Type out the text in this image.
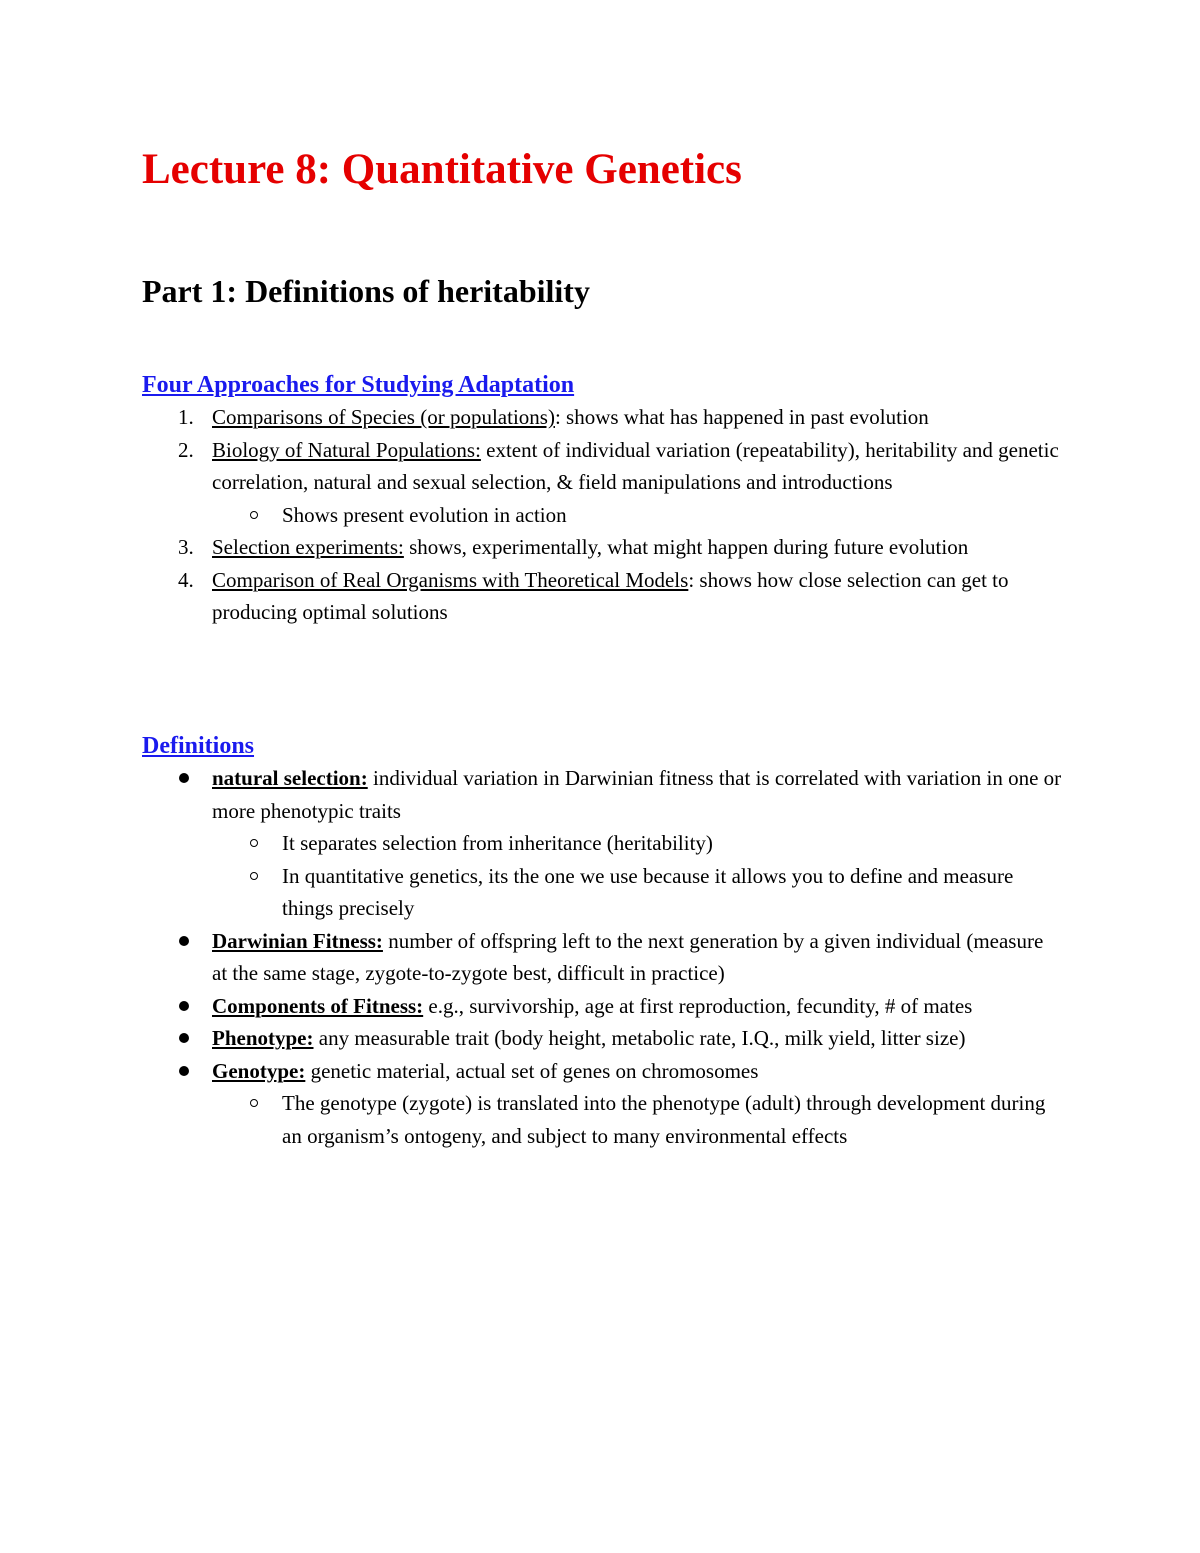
Lecture 8: Quantitative Genetics
Part 1: Definitions of heritability
Four Approaches for Studying Adaptation
1. Comparisons of Species (or populations): shows what has happened in past evolution
2. Biology of Natural Populations: extent of individual variation (repeatability), heritability and genetic correlation, natural and sexual selection, & field manipulations and introductions
Shows present evolution in action
3. Selection experiments: shows, experimentally, what might happen during future evolution
4. Comparison of Real Organisms with Theoretical Models: shows how close selection can get to producing optimal solutions
Definitions
natural selection: individual variation in Darwinian fitness that is correlated with variation in one or more phenotypic traits
It separates selection from inheritance (heritability)
In quantitative genetics, its the one we use because it allows you to define and measure things precisely
Darwinian Fitness: number of offspring left to the next generation by a given individual (measure at the same stage, zygote-to-zygote best, difficult in practice)
Components of Fitness: e.g., survivorship, age at first reproduction, fecundity, # of mates
Phenotype: any measurable trait (body height, metabolic rate, I.Q., milk yield, litter size)
Genotype: genetic material, actual set of genes on chromosomes
The genotype (zygote) is translated into the phenotype (adult) through development during an organism’s ontogeny, and subject to many environmental effects
